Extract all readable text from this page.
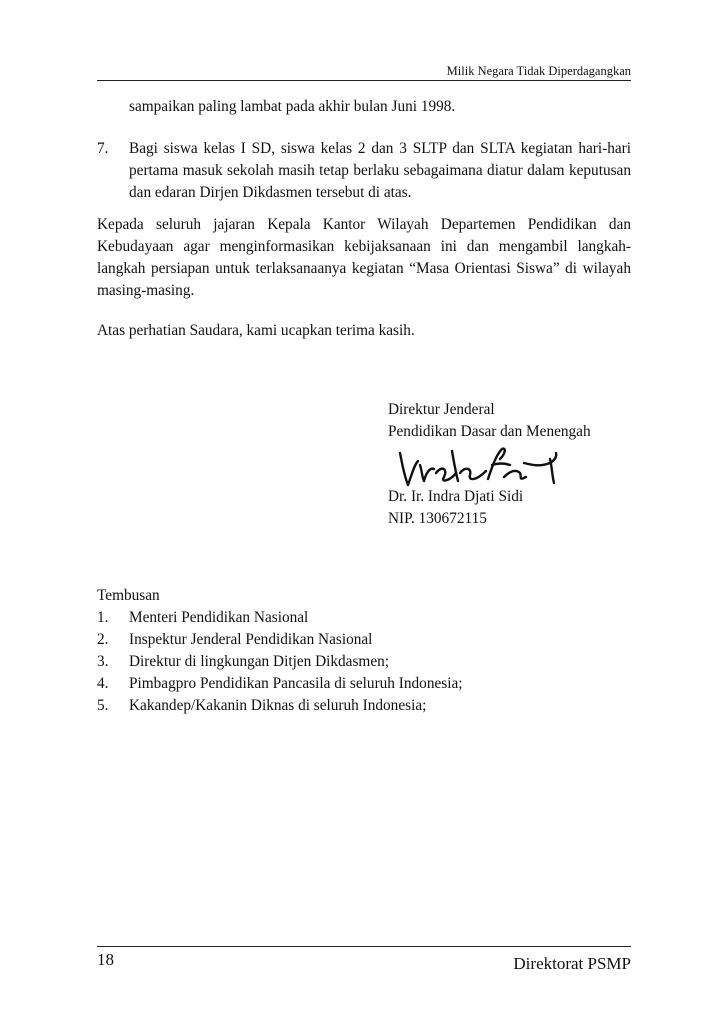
Milik Negara Tidak Diperdagangkan
sampaikan paling lambat pada akhir bulan Juni 1998.
7. Bagi siswa kelas I SD, siswa kelas 2 dan 3 SLTP dan SLTA kegiatan hari-hari pertama masuk sekolah masih tetap berlaku sebagaimana diatur dalam keputusan dan edaran Dirjen Dikdasmen tersebut di atas.
Kepada seluruh jajaran Kepala Kantor Wilayah Departemen Pendidikan dan Kebudayaan agar menginformasikan kebijaksanaan ini dan mengambil langkah-langkah persiapan untuk terlaksanaanya kegiatan “Masa Orientasi Siswa” di wilayah masing-masing.
Atas perhatian Saudara, kami ucapkan terima kasih.
Direktur Jenderal
Pendidikan Dasar dan Menengah
Dr. Ir. Indra Djati Sidi
NIP. 130672115
Tembusan
1. Menteri Pendidikan Nasional
2. Inspektur Jenderal Pendidikan Nasional
3. Direktur di lingkungan Ditjen Dikdasmen;
4. Pimbagpro Pendidikan Pancasila di seluruh Indonesia;
5. Kakandep/Kakanin Diknas di seluruh Indonesia;
18	Direktorat PSMP
